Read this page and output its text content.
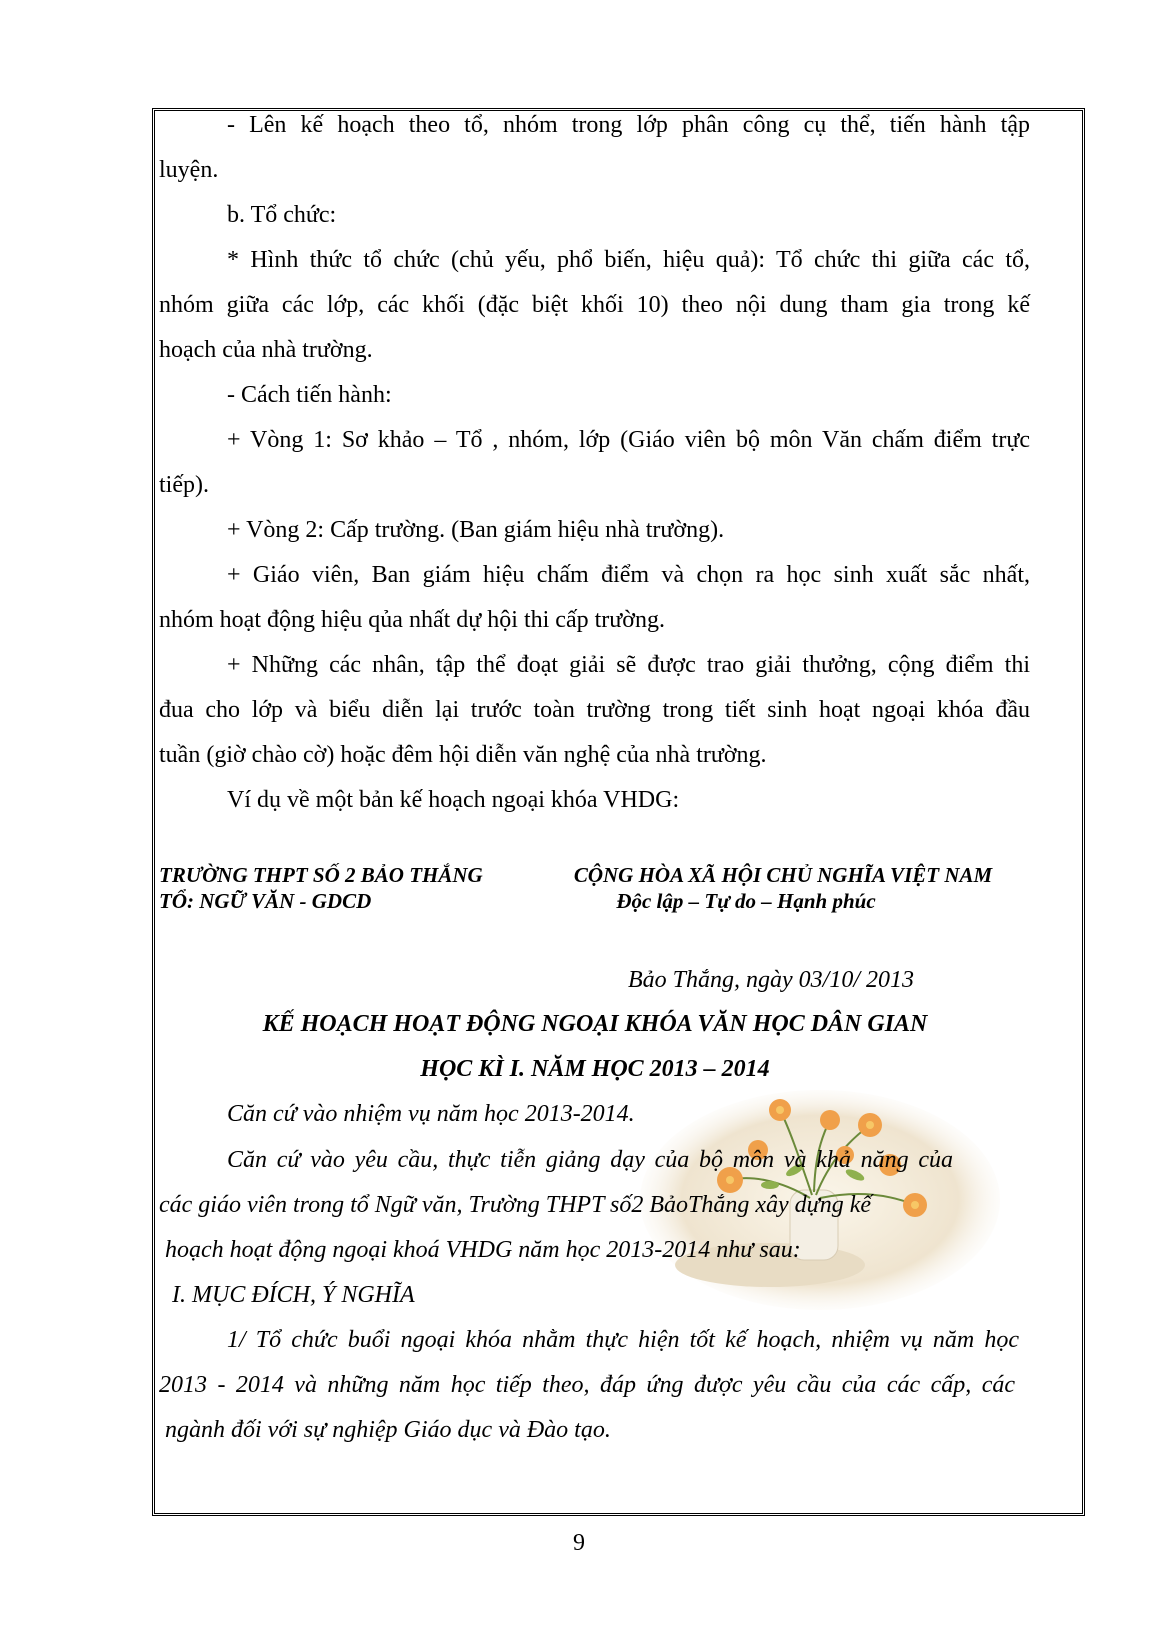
- Lên kế hoạch theo tổ, nhóm trong lớp phân công cụ thể, tiến hành tập
luyện.
b. Tổ chức:
* Hình thức tổ chức (chủ yếu, phổ biến, hiệu quả): Tổ chức thi giữa các tổ,
nhóm giữa các lớp, các khối (đặc biệt khối 10) theo nội dung tham gia trong kế
hoạch của nhà trường.
- Cách tiến hành:
+ Vòng 1: Sơ khảo – Tổ , nhóm, lớp (Giáo viên bộ môn Văn chấm điểm trực
tiếp).
+ Vòng 2: Cấp trường. (Ban giám hiệu nhà trường).
+ Giáo viên, Ban giám hiệu chấm điểm và chọn ra học sinh xuất sắc nhất,
nhóm hoạt động hiệu qủa nhất dự hội thi cấp trường.
+ Những các nhân, tập thể đoạt giải sẽ được trao giải thưởng, cộng điểm thi
đua cho lớp và biểu diễn lại trước toàn trường trong tiết sinh hoạt ngoại khóa đầu
tuần (giờ chào cờ) hoặc đêm hội diễn văn nghệ của nhà trường.
Ví dụ về một bản kế hoạch ngoại khóa VHDG:
TRƯỜNG THPT SỐ 2 BẢO THẮNG
TỔ: NGỮ VĂN - GDCD
CỘNG HÒA XÃ HỘI CHỦ NGHĨA VIỆT NAM
Độc lập – Tự do – Hạnh phúc
Bảo Thắng, ngày 03/10/ 2013
KẾ HOẠCH HOẠT ĐỘNG NGOẠI KHÓA VĂN HỌC DÂN GIAN
HỌC KÌ I. NĂM HỌC 2013 – 2014
Căn cứ vào nhiệm vụ năm học 2013-2014.
Căn cứ vào yêu cầu, thực tiễn giảng dạy của bộ môn và khả năng của
các giáo viên trong tổ Ngữ văn, Trường THPT số2 BảoThắng xây dựng kế
hoạch hoạt động ngoại khoá VHDG năm học 2013-2014 như sau:
I. MỤC ĐÍCH, Ý NGHĨA
1/ Tổ chức buổi ngoại khóa nhằm thực hiện tốt kế hoạch, nhiệm vụ năm học
2013 - 2014 và những năm học tiếp theo, đáp ứng được yêu cầu của các cấp, các
ngành đối với sự nghiệp Giáo dục và Đào tạo.
9
